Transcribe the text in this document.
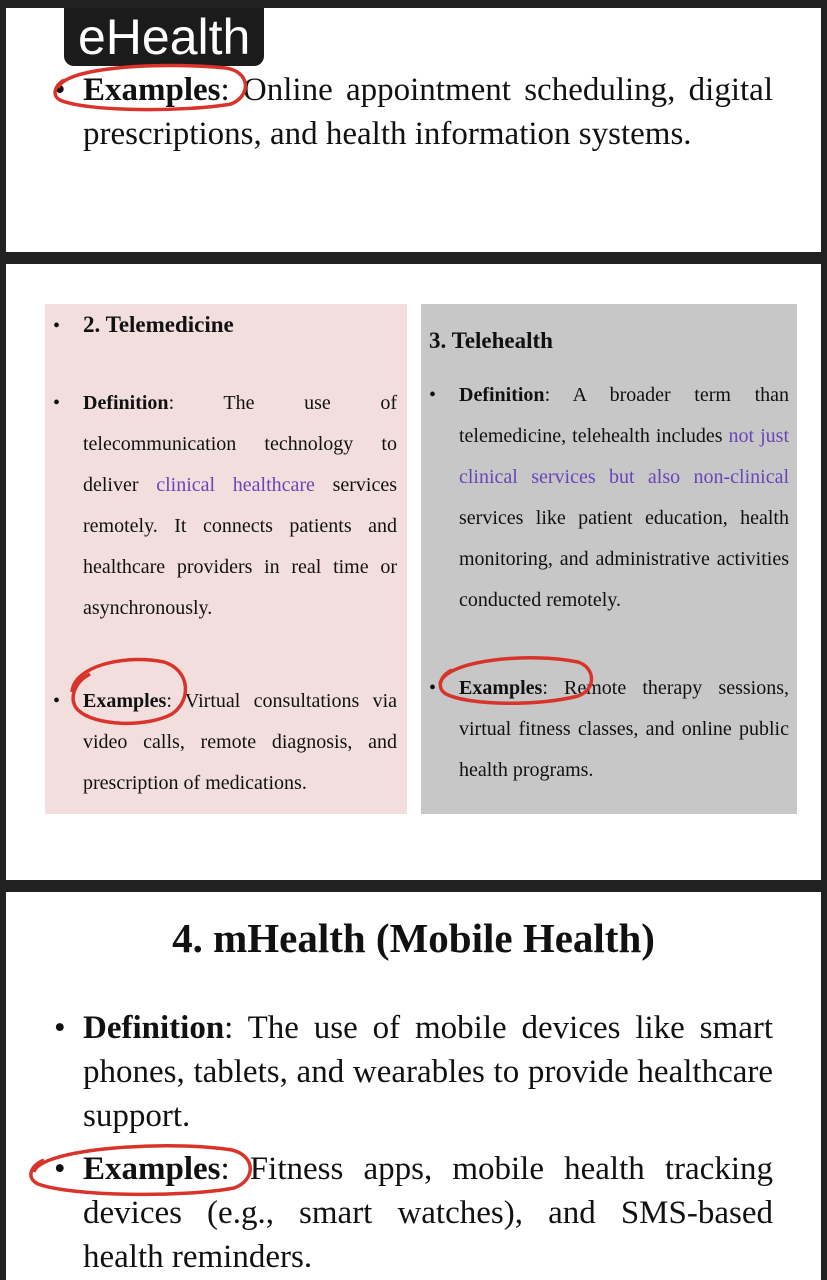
eHealth
• Examples: Online appointment scheduling, digital prescriptions, and health information systems.
• 2. Telemedicine
• Definition: The use of telecommunication technology to deliver clinical healthcare services remotely. It connects patients and healthcare providers in real time or asynchronously.
• Examples: Virtual consultations via video calls, remote diagnosis, and prescription of medications.
3. Telehealth
• Definition: A broader term than telemedicine, telehealth includes not just clinical services but also non-clinical services like patient education, health monitoring, and administrative activities conducted remotely.
• Examples: Remote therapy sessions, virtual fitness classes, and online public health programs.
4. mHealth (Mobile Health)
• Definition: The use of mobile devices like smart phones, tablets, and wearables to provide healthcare support.
• Examples: Fitness apps, mobile health tracking devices (e.g., smart watches), and SMS-based health reminders.
